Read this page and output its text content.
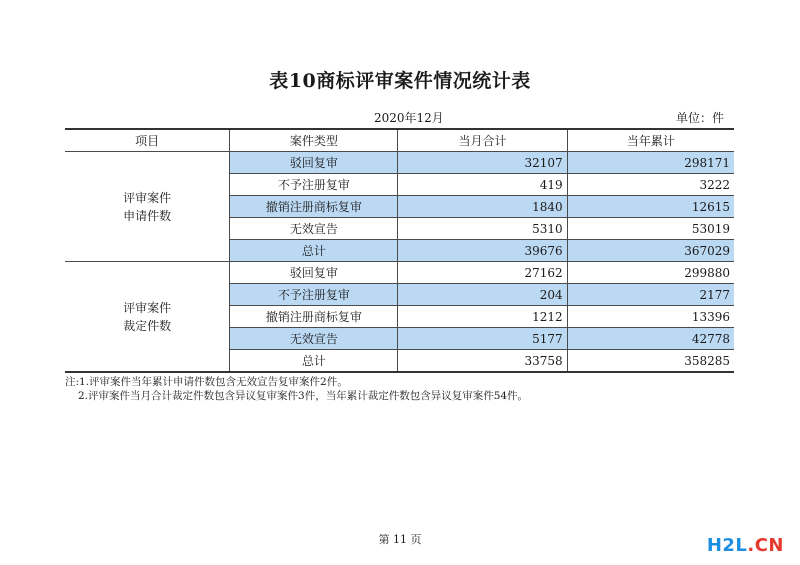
表10商标评审案件情况统计表
2020年12月	单位：件
项目	案件类型	当月合计	当年累计
评审案件
申请件数	驳回复审	32107	298171
	不予注册复审	419	3222
	撤销注册商标复审	1840	12615
	无效宣告	5310	53019
	总计	39676	367029
评审案件
裁定件数	驳回复审	27162	299880
	不予注册复审	204	2177
	撤销注册商标复审	1212	13396
	无效宣告	5177	42778
	总计	33758	358285
注:1.评审案件当年累计申请件数包含无效宣告复审案件2件。
2.评审案件当月合计裁定件数包含异议复审案件3件，当年累计裁定件数包含异议复审案件54件。
第 11 页	H2L.CN
